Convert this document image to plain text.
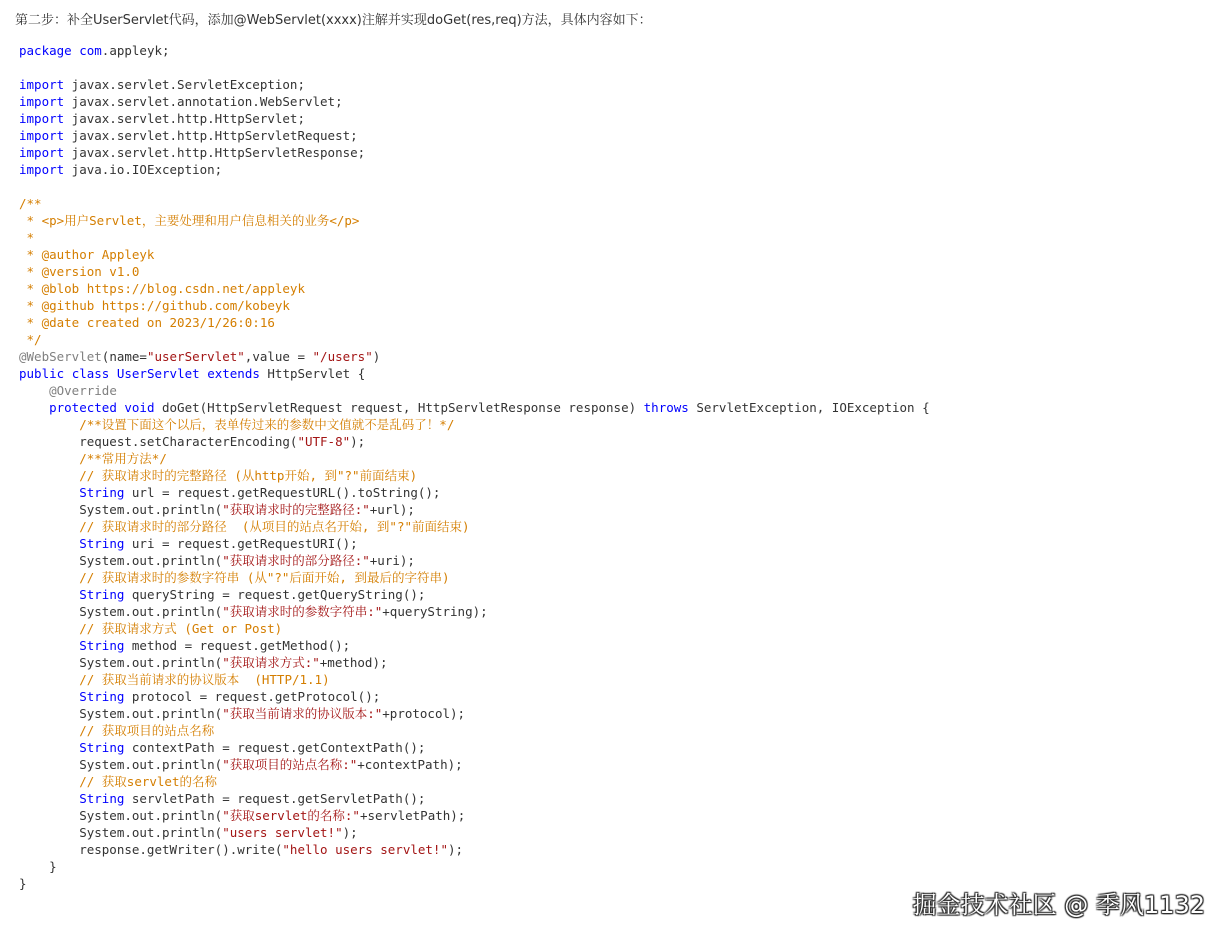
第二步：补全UserServlet代码，添加@WebServlet(xxxx)注解并实现doGet(res,req)方法，具体内容如下：
package com.appleyk;

import javax.servlet.ServletException;
import javax.servlet.annotation.WebServlet;
import javax.servlet.http.HttpServlet;
import javax.servlet.http.HttpServletRequest;
import javax.servlet.http.HttpServletResponse;
import java.io.IOException;

/**
* <p>用户Servlet，主要处理和用户信息相关的业务</p>
*
* @author Appleyk
* @version v1.0
* @blob https://blog.csdn.net/appleyk
* @github https://github.com/kobeyk
* @date created on 2023/1/26:0:16
*/
@WebServlet(name="userServlet",value = "/users")
public class UserServlet extends HttpServlet {
@Override
protected void doGet(HttpServletRequest request, HttpServletResponse response) throws ServletException, IOException {
/**设置下面这个以后，表单传过来的参数中文值就不是乱码了！*/
request.setCharacterEncoding("UTF-8");
/**常用方法*/
// 获取请求时的完整路径 (从http开始, 到"?"前面结束)
String url = request.getRequestURL().toString();
System.out.println("获取请求时的完整路径:"+url);
// 获取请求时的部分路径  (从项目的站点名开始, 到"?"前面结束)
String uri = request.getRequestURI();
System.out.println("获取请求时的部分路径:"+uri);
// 获取请求时的参数字符串 (从"?"后面开始, 到最后的字符串)
String queryString = request.getQueryString();
System.out.println("获取请求时的参数字符串:"+queryString);
// 获取请求方式 (Get or Post)
String method = request.getMethod();
System.out.println("获取请求方式:"+method);
// 获取当前请求的协议版本  (HTTP/1.1)
String protocol = request.getProtocol();
System.out.println("获取当前请求的协议版本:"+protocol);
// 获取项目的站点名称
String contextPath = request.getContextPath();
System.out.println("获取项目的站点名称:"+contextPath);
// 获取servlet的名称
String servletPath = request.getServletPath();
System.out.println("获取servlet的名称:"+servletPath);
System.out.println("users servlet!");
response.getWriter().write("hello users servlet!");
}
}
掘金技术社区 @ 季风1132
